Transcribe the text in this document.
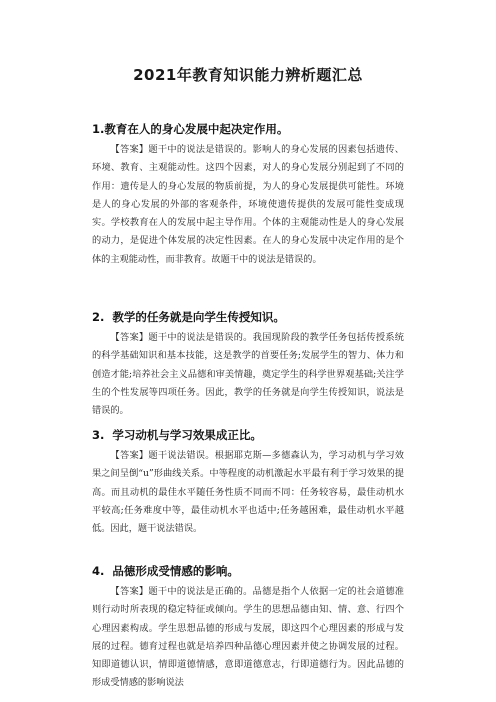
2021年教育知识能力辨析题汇总
1.教育在人的身心发展中起决定作用。

【答案】题干中的说法是错误的。影响人的身心发展的因素包括遗传、环境、教育、主观能动性。这四个因素，对人的身心发展分别起到了不同的作用：遗传是人的身心发展的物质前提，为人的身心发展提供可能性。环境是人的身心发展的外部的客观条件，环境使遗传提供的发展可能性变成现实。学校教育在人的发展中起主导作用。个体的主观能动性是人的身心发展的动力，是促进个体发展的决定性因素。在人的身心发展中决定作用的是个体的主观能动性，而非教育。故题干中的说法是错误的。

2. 教学的任务就是向学生传授知识。

【答案】题干中的说法是错误的。我国现阶段的教学任务包括传授系统的科学基础知识和基本技能，这是教学的首要任务;发展学生的智力、体力和创造才能;培养社会主义品德和审美情趣，奠定学生的科学世界观基础;关注学生的个性发展等四项任务。因此，教学的任务就是向学生传授知识，说法是错误的。

3. 学习动机与学习效果成正比。

【答案】题干说法错误。根据耶克斯—多德森认为，学习动机与学习效果之间呈倒“u”形曲线关系。中等程度的动机激起水平最有利于学习效果的提高。而且动机的最佳水平随任务性质不同而不同：任务较容易，最佳动机水平较高;任务难度中等，最佳动机水平也适中;任务越困难，最佳动机水平越低。因此，题干说法错误。

4. 品德形成受情感的影响。

【答案】题干中的说法是正确的。品德是指个人依据一定的社会道德准则行动时所表现的稳定特征或倾向。学生的思想品德由知、情、意、行四个心理因素构成。学生思想品德的形成与发展，即这四个心理因素的形成与发展的过程。德育过程也就是培养四种品德心理因素并使之协调发展的过程。知即道德认识，情即道德情感，意即道德意志，行即道德行为。因此品德的形成受情感的影响说法
